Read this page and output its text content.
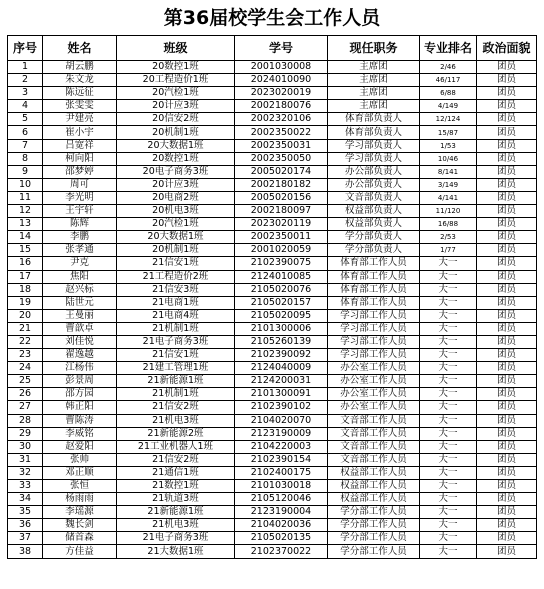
第36届校学生会工作人员
序号	姓名	班级	学号	现任职务	专业排名	政治面貌
1	胡云鹏	20数控1班	2001030008	主席团	2/46	团员
2	朱文龙	20工程造价1班	2024010090	主席团	46/117	团员
3	陈远征	20汽检1班	2023020019	主席团	6/88	团员
4	张雯雯	20计应3班	2002180076	主席团	4/149	团员
5	尹建亮	20信安2班	2002320106	体育部负责人	12/124	团员
6	崔小宇	20机制1班	2002350022	体育部负责人	15/87	团员
7	吕宽祥	20大数据1班	2002350031	学习部负责人	1/53	团员
8	柯向阳	20数控1班	2002350050	学习部负责人	10/46	团员
9	邵梦婷	20电子商务3班	2005020174	办公部负责人	8/141	团员
10	周可	20计应3班	2002180182	办公部负责人	3/149	团员
11	李光明	20电商2班	2005020156	文音部负责人	4/141	团员
12	王宇轩	20机电3班	2002180097	权益部负责人	11/120	团员
13	陈辉	20汽检1班	2023020119	权益部负责人	16/88	团员
14	李鹏	20大数据1班	2002350011	学分部负责人	2/53	团员
15	张孝通	20机制1班	2001020059	学分部负责人	1/77	团员
16	尹克	21信安1班	2102390075	体育部工作人员	大一	团员
17	焦阳	21工程造价2班	2124010085	体育部工作人员	大一	团员
18	赵兴标	21信安3班	2105020076	体育部工作人员	大一	团员
19	陆世元	21电商1班	2105020157	体育部工作人员	大一	团员
20	王曼丽	21电商4班	2105020095	学习部工作人员	大一	团员
21	曹歆卓	21机制1班	2101300006	学习部工作人员	大一	团员
22	刘佳悦	21电子商务3班	2105260139	学习部工作人员	大一	团员
23	翟逸越	21信安1班	2102390092	学习部工作人员	大一	团员
24	江杨伟	21建工管理1班	2124040009	办公室工作人员	大一	团员
25	彭景周	21新能源1班	2124200031	办公室工作人员	大一	团员
26	邵方园	21机制1班	2101300091	办公室工作人员	大一	团员
27	韩正阳	21信安2班	2102390102	办公室工作人员	大一	团员
28	曹陈涛	21机电3班	2104020070	文音部工作人员	大一	团员
29	李威铭	21新能源2班	2123190009	文音部工作人员	大一	团员
30	赵爱阳	21工业机器人1班	2104220003	文音部工作人员	大一	团员
31	张帅	21信安2班	2102390154	文音部工作人员	大一	团员
32	邓正顺	21通信1班	2102400175	权益部工作人员	大一	团员
33	张恒	21数控1班	2101030018	权益部工作人员	大一	团员
34	杨雨雨	21轨道3班	2105120046	权益部工作人员	大一	团员
35	李瑶源	21新能源1班	2123190004	学分部工作人员	大一	团员
36	魏长剑	21机电3班	2104020036	学分部工作人员	大一	团员
37	储首森	21电子商务3班	2105020135	学分部工作人员	大一	团员
38	方佳益	21大数据1班	2102370022	学分部工作人员	大一	团员
